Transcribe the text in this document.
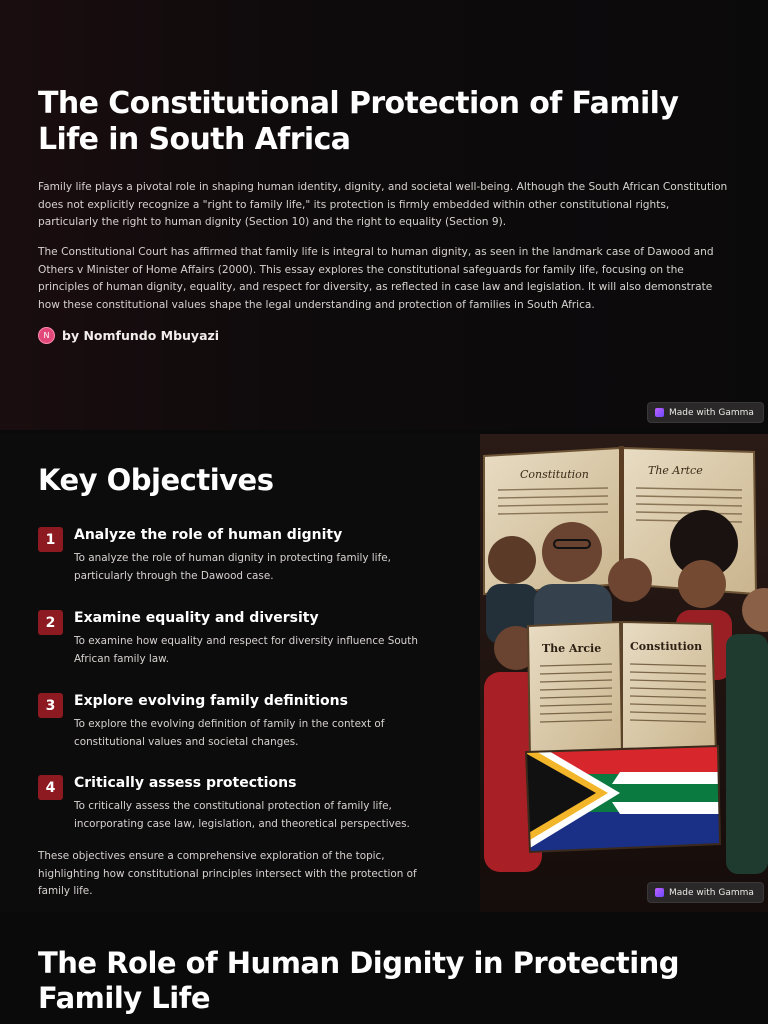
The Constitutional Protection of Family Life in South Africa

Family life plays a pivotal role in shaping human identity, dignity, and societal well-being. Although the South African Constitution does not explicitly recognize a "right to family life," its protection is firmly embedded within other constitutional rights, particularly the right to human dignity (Section 10) and the right to equality (Section 9).

The Constitutional Court has affirmed that family life is integral to human dignity, as seen in the landmark case of Dawood and Others v Minister of Home Affairs (2000). This essay explores the constitutional safeguards for family life, focusing on the principles of human dignity, equality, and respect for diversity, as reflected in case law and legislation. It will also demonstrate how these constitutional values shape the legal understanding and protection of families in South Africa.

N	by Nomfundo Mbuyazi
Made with Gamma
Key Objectives
1	Analyze the role of human dignity

To analyze the role of human dignity in protecting family life, particularly through the Dawood case.

2	Examine equality and diversity

To examine how equality and respect for diversity influence South African family law.

3	Explore evolving family definitions

To explore the evolving definition of family in the context of constitutional values and societal changes.

4	Critically assess protections

To critically assess the constitutional protection of family life, incorporating case law, legislation, and theoretical perspectives.

These objectives ensure a comprehensive exploration of the topic, highlighting how constitutional principles intersect with the protection of family life.

Constitution	The Artce
The Arcie	Constiution
Made with Gamma
The Role of Human Dignity in Protecting Family Life
